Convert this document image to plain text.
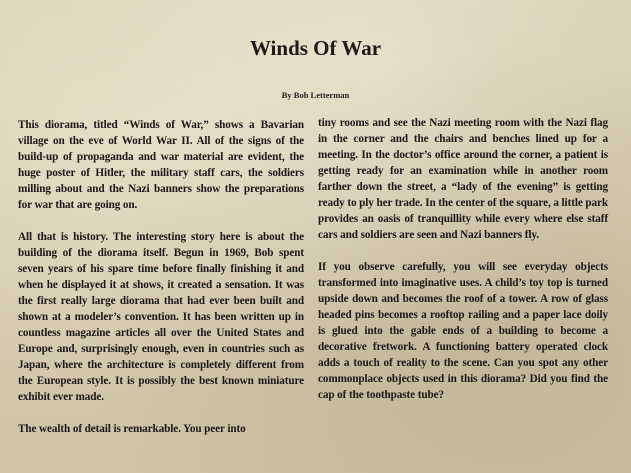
Winds Of War
By Bob Letterman

This diorama, titled “Winds of War,” shows a Bavarian village on the eve of World War II. All of the signs of the build-up of propaganda and war material are evident, the huge poster of Hitler, the military staff cars, the soldiers milling about and the Nazi banners show the preparations for war that are going on.

All that is history. The interesting story here is about the building of the diorama itself. Begun in 1969, Bob spent seven years of his spare time before finally finishing it and when he displayed it at shows, it created a sensation. It was the first really large diorama that had ever been built and shown at a modeler’s convention. It has been written up in countless magazine articles all over the United States and Europe and, surprisingly enough, even in countries such as Japan, where the architecture is completely different from the European style. It is possibly the best known miniature exhibit ever made.

The wealth of detail is remarkable. You peer into

tiny rooms and see the Nazi meeting room with the Nazi flag in the corner and the chairs and benches lined up for a meeting. In the doctor’s office around the corner, a patient is getting ready for an examination while in another room farther down the street, a “lady of the evening” is getting ready to ply her trade. In the center of the square, a little park provides an oasis of tranquillity while every where else staff cars and soldiers are seen and Nazi banners fly.

If you observe carefully, you will see everyday objects transformed into imaginative uses. A child’s toy top is turned upside down and becomes the roof of a tower. A row of glass headed pins becomes a rooftop railing and a paper lace doily is glued into the gable ends of a building to become a decorative fretwork. A functioning battery operated clock adds a touch of reality to the scene. Can you spot any other commonplace objects used in this diorama? Did you find the cap of the toothpaste tube?
